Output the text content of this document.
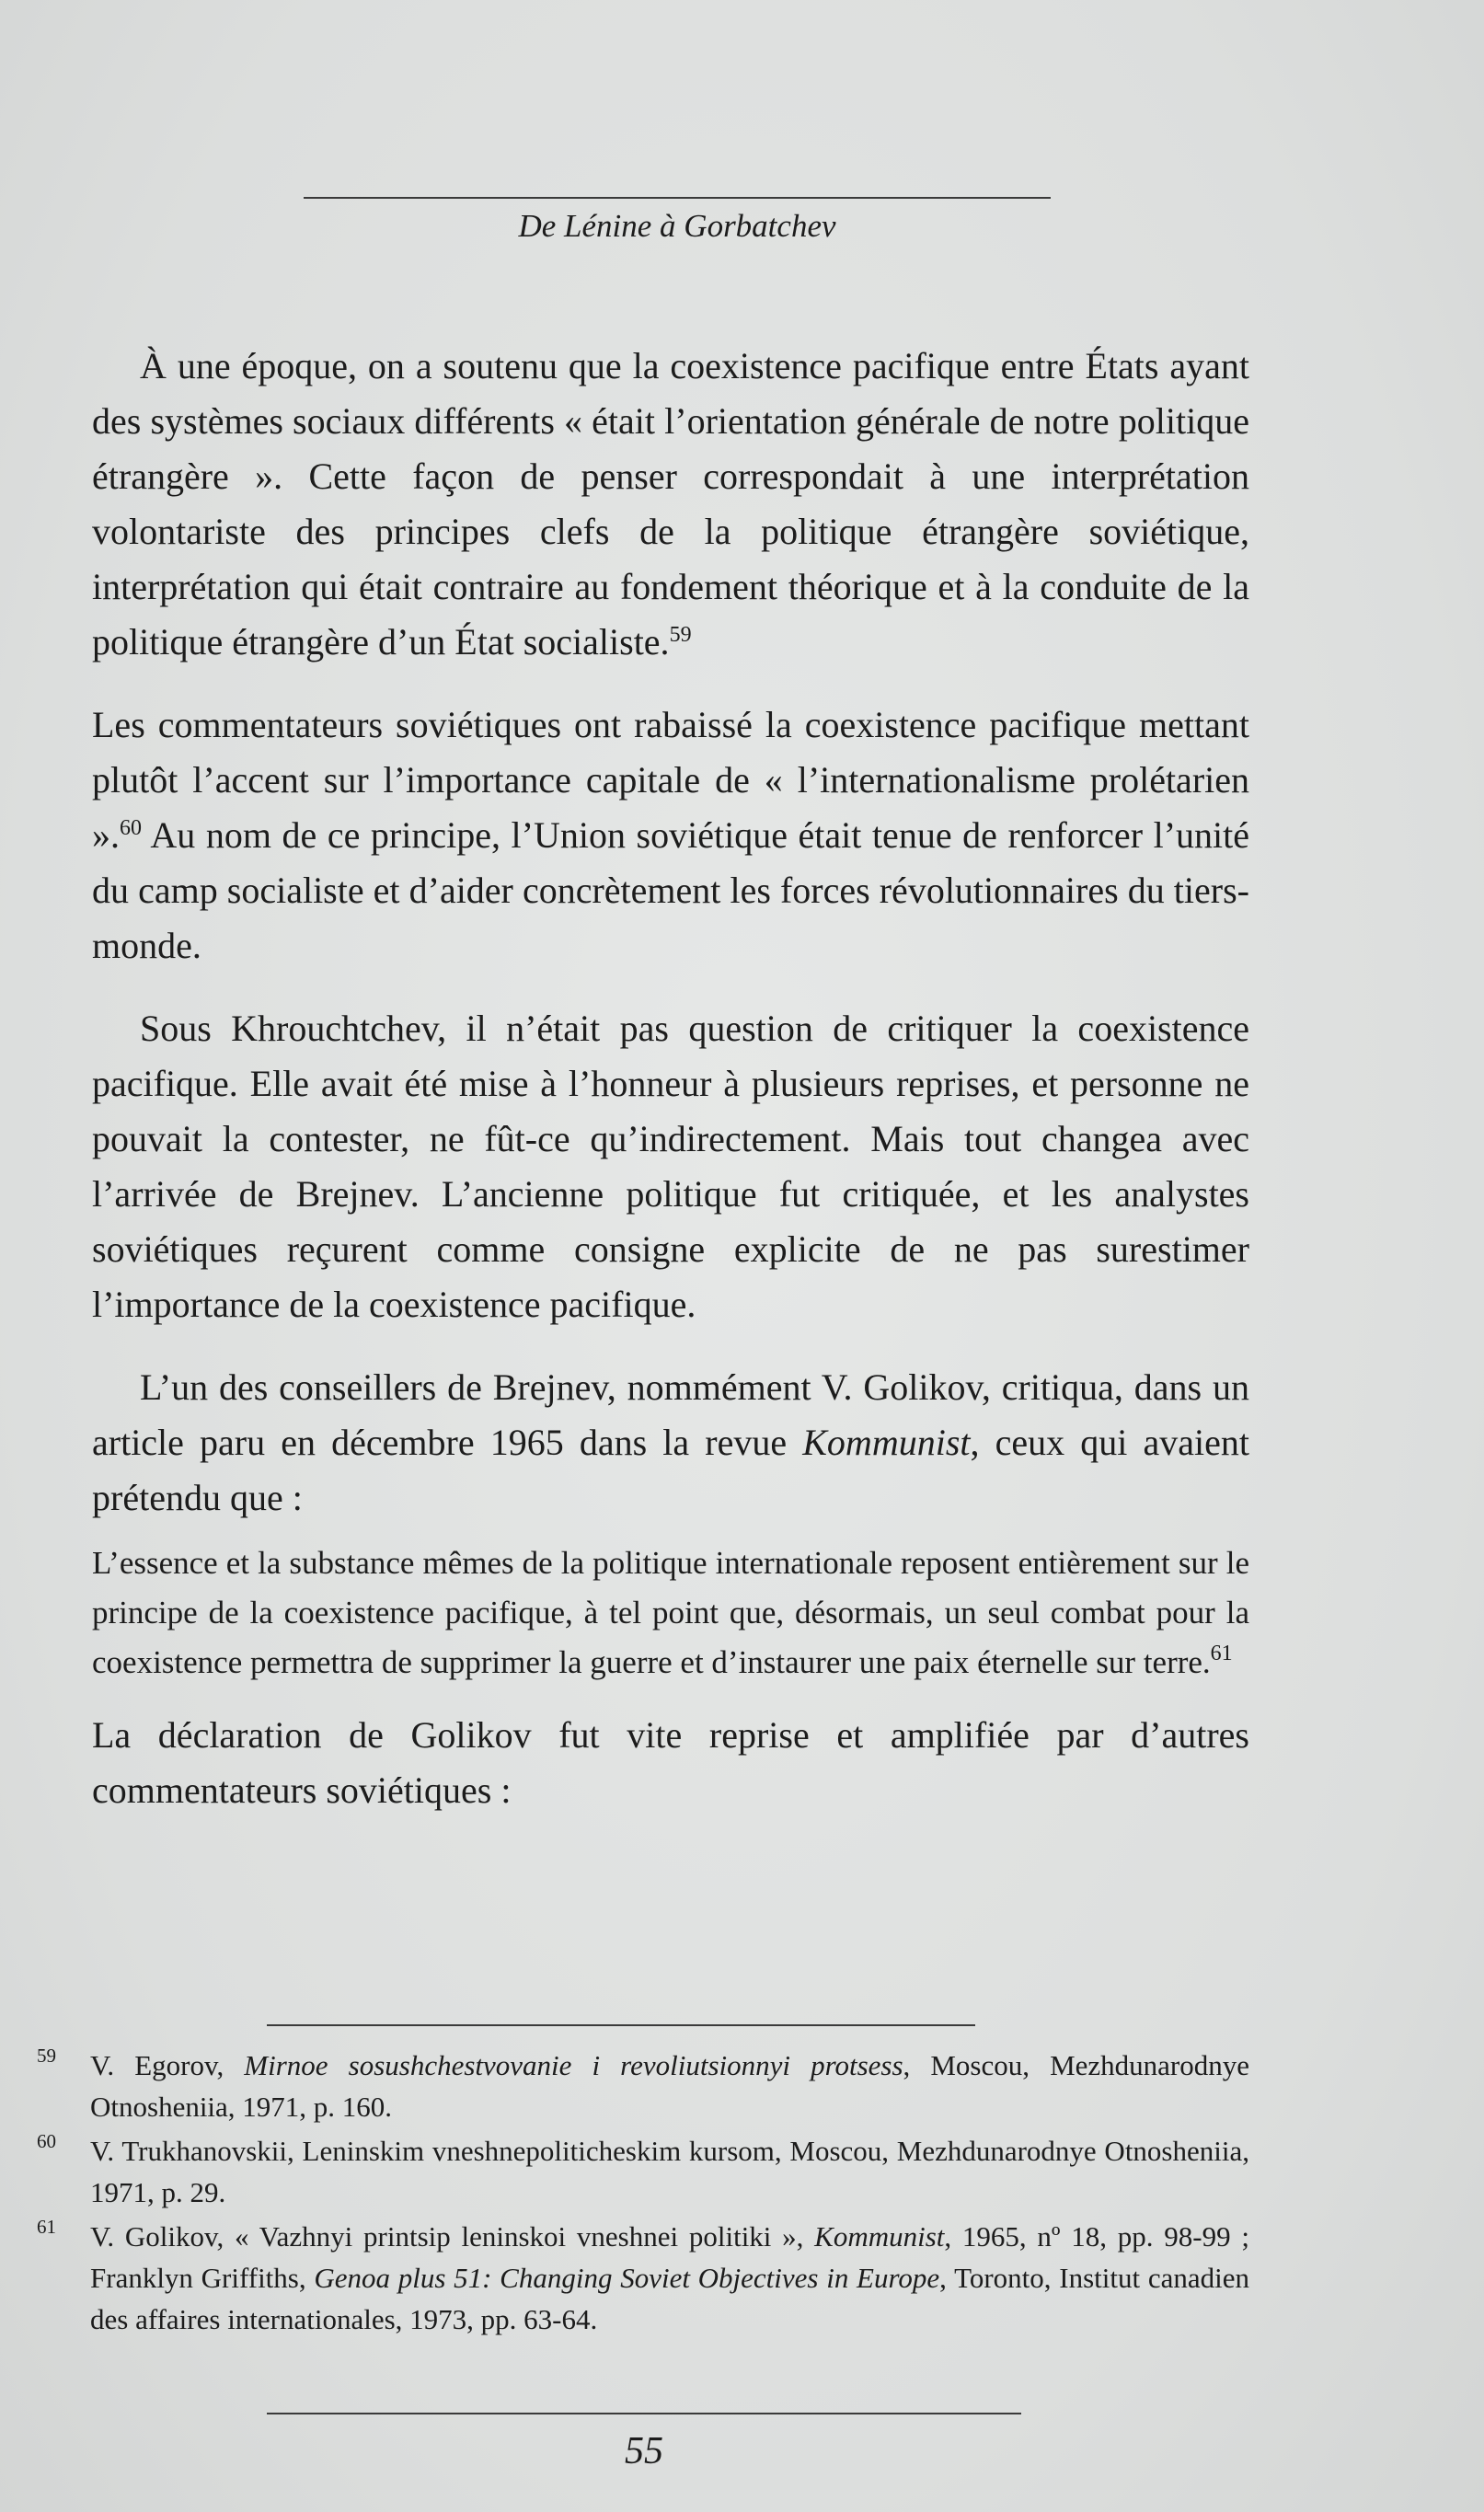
De Lénine à Gorbatchev

À une époque, on a soutenu que la coexistence pacifique entre États ayant des systèmes sociaux différents « était l’orientation générale de notre politique étrangère ». Cette façon de penser correspondait à une interprétation volontariste des principes clefs de la politique étrangère soviétique, interprétation qui était contraire au fondement théorique et à la conduite de la politique étrangère d’un État socialiste.$^{59}$

Les commentateurs soviétiques ont rabaissé la coexistence pacifique mettant plutôt l’accent sur l’importance capitale de « l’internationalisme prolétarien ».$^{60}$ Au nom de ce principe, l’Union soviétique était tenue de renforcer l’unité du camp socialiste et d’aider concrètement les forces révolutionnaires du tiers-monde.

Sous Khrouchtchev, il n’était pas question de critiquer la coexistence pacifique. Elle avait été mise à l’honneur à plusieurs reprises, et personne ne pouvait la contester, ne fût-ce qu’indirectement. Mais tout changea avec l’arrivée de Brejnev. L’ancienne politique fut critiquée, et les analystes soviétiques reçurent comme consigne explicite de ne pas surestimer l’importance de la coexistence pacifique.

L’un des conseillers de Brejnev, nommément V. Golikov, critiqua, dans un article paru en décembre 1965 dans la revue Kommunist, ceux qui avaient prétendu que :

L’essence et la substance mêmes de la politique internationale reposent entièrement sur le principe de la coexistence pacifique, à tel point que, désormais, un seul combat pour la coexistence permettra de supprimer la guerre et d’instaurer une paix éternelle sur terre.$^{61}$

La déclaration de Golikov fut vite reprise et amplifiée par d’autres commentateurs soviétiques :

59 V. Egorov, Mirnoe sosushchestvovanie i revoliutsionnyi protsess, Moscou, Mezhdunarodnye Otnosheniia, 1971, p. 160.

60 V. Trukhanovskii, Leninskim vneshnepoliticheskim kursom, Moscou, Mezhdunarodnye Otnosheniia, 1971, p. 29.

61 V. Golikov, « Vazhnyi printsip leninskoi vneshnei politiki », Kommunist, 1965, nº 18, pp. 98-99 ; Franklyn Griffiths, Genoa plus 51: Changing Soviet Objectives in Europe, Toronto, Institut canadien des affaires internationales, 1973, pp. 63-64.

55
